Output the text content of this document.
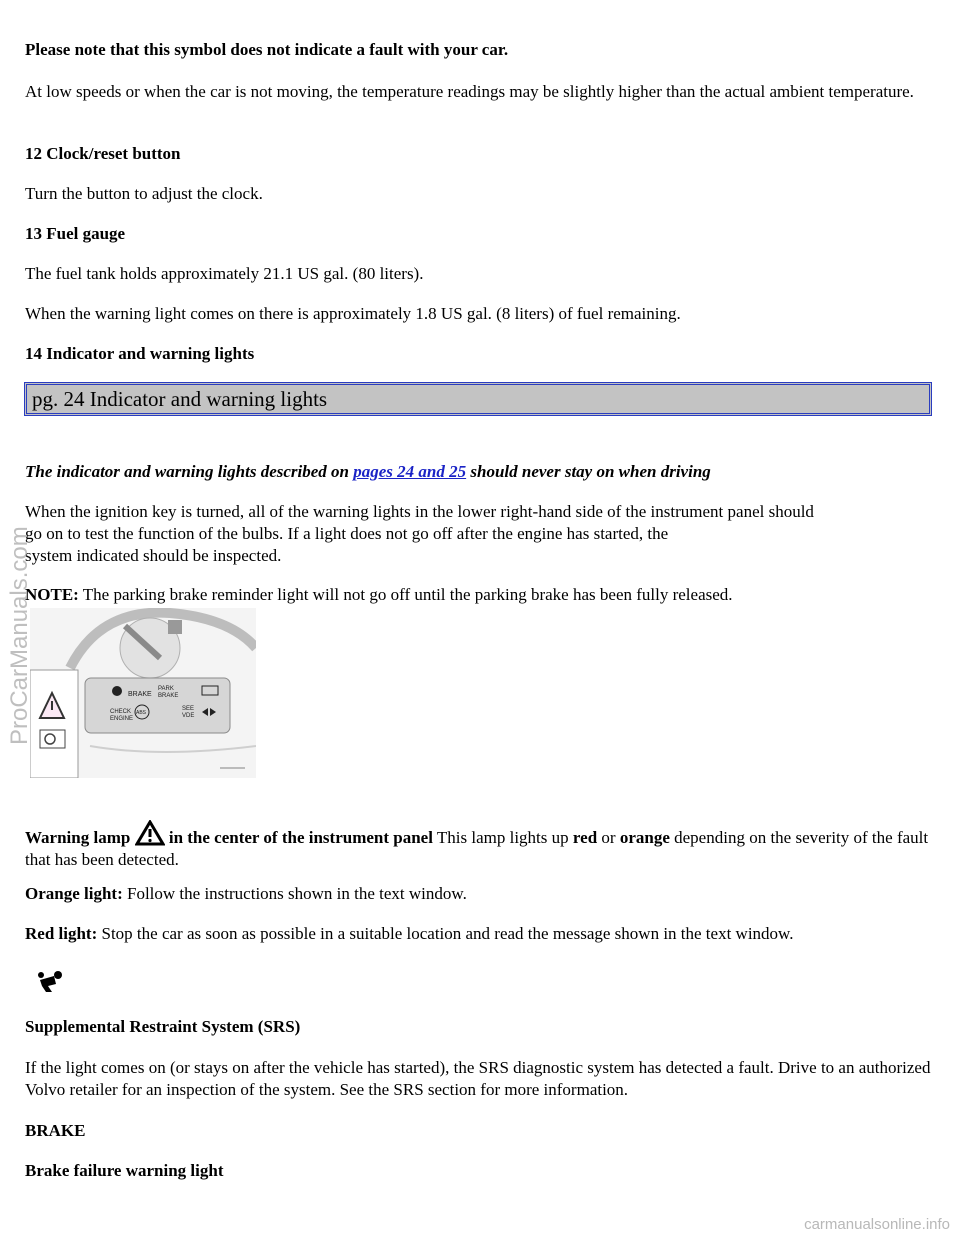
Please note that this symbol does not indicate a fault with your car.

At low speeds or when the car is not moving, the temperature readings may be slightly higher than the actual ambient temperature.

12 Clock/reset button

Turn the button to adjust the clock.

13 Fuel gauge

The fuel tank holds approximately 21.1 US gal. (80 liters).

When the warning light comes on there is approximately 1.8 US gal. (8 liters) of fuel remaining.

14 Indicator and warning lights

pg. 24 Indicator and warning lights

The indicator and warning lights described on pages 24 and 25 should never stay on when driving

When the ignition key is turned, all of the warning lights in the lower right-hand side of the instrument panel should
go on to test the function of the bulbs. If a light does not go off after the engine has started, the
system indicated should be inspected.

NOTE: The parking brake reminder light will not go off until the parking brake has been fully released.

BRAKE
PARK
BRAKE
CHECK
ENGINE
ABS
SEE
VDE

Warning lamp  in the center of the instrument panel This lamp lights up red or orange depending on the severity of the fault that has been detected.

Orange light: Follow the instructions shown in the text window.

Red light: Stop the car as soon as possible in a suitable location and read the message shown in the text window.

Supplemental Restraint System (SRS)

If the light comes on (or stays on after the vehicle has started), the SRS diagnostic system has detected a fault. Drive to an authorized Volvo retailer for an inspection of the system. See the SRS section for more information.

BRAKE

Brake failure warning light

ProCarManuals.com
carmanualsonline.info
